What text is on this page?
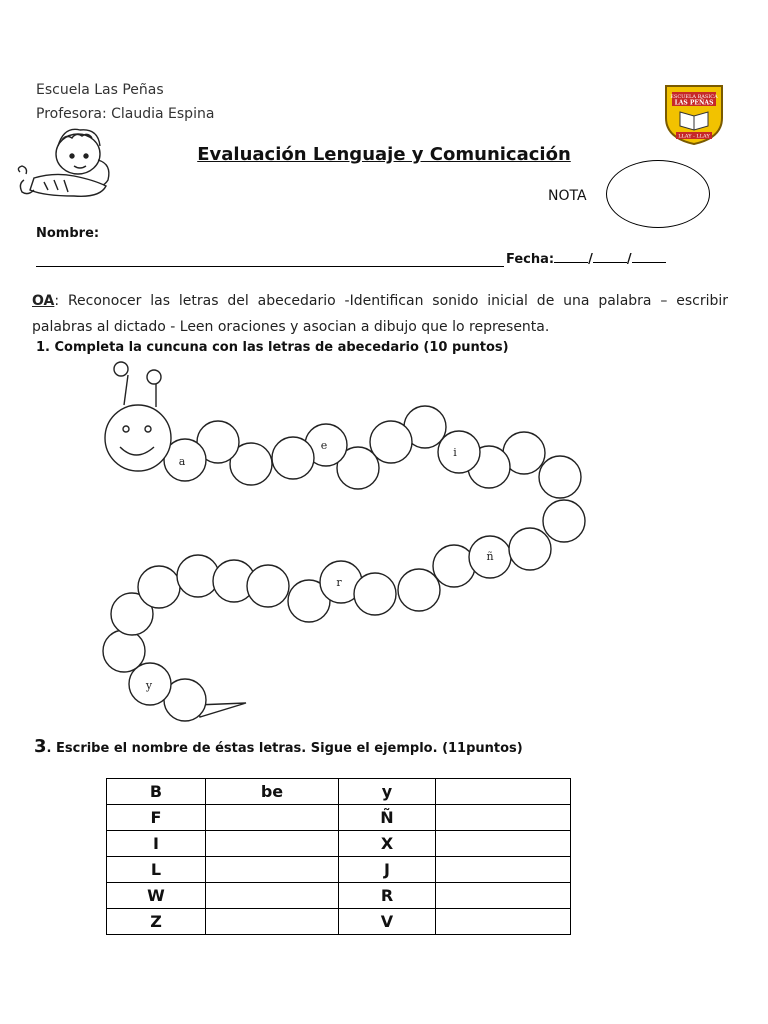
Escuela Las Peñas
Profesora: Claudia Espina
ESCUELA BASICA
LAS PEÑAS
LLAY - LLAY
Evaluación Lenguaje y Comunicación
NOTA
Nombre:
Fecha:	/	/
OA: Reconocer las letras del abecedario -Identifican sonido inicial de una palabra – escribir palabras al dictado - Leen oraciones y asocian a dibujo que lo representa.
1. Completa la cuncuna con las letras de abecedario (10 puntos)
a
e
i
ñ
r
y
3. Escribe el nombre de éstas letras. Sigue el ejemplo. (11puntos)
B	be	y	
F		Ñ	
I		X	
L		J	
W		R	
Z		V	
